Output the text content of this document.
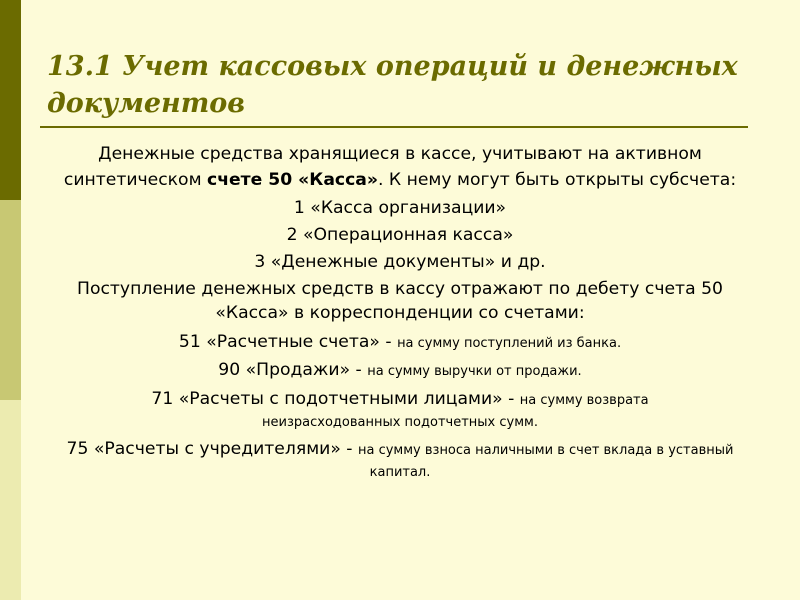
13.1 Учет кассовых операций и денежных документов

Денежные средства хранящиеся в кассе, учитывают на активном синтетическом счете 50 «Касса». К нему могут быть открыты субсчета:

1 «Касса организации»

2 «Операционная касса»

3 «Денежные документы» и др.

Поступление денежных средств в кассу отражают по дебету счета 50 «Касса» в корреспонденции со счетами:

51 «Расчетные счета» - на сумму поступлений из банка.

90 «Продажи» - на сумму выручки от продажи.

71 «Расчеты с подотчетными лицами» - на сумму возврата неизрасходованных подотчетных сумм.

75 «Расчеты с учредителями» - на сумму взноса наличными в счет вклада в уставный капитал.
